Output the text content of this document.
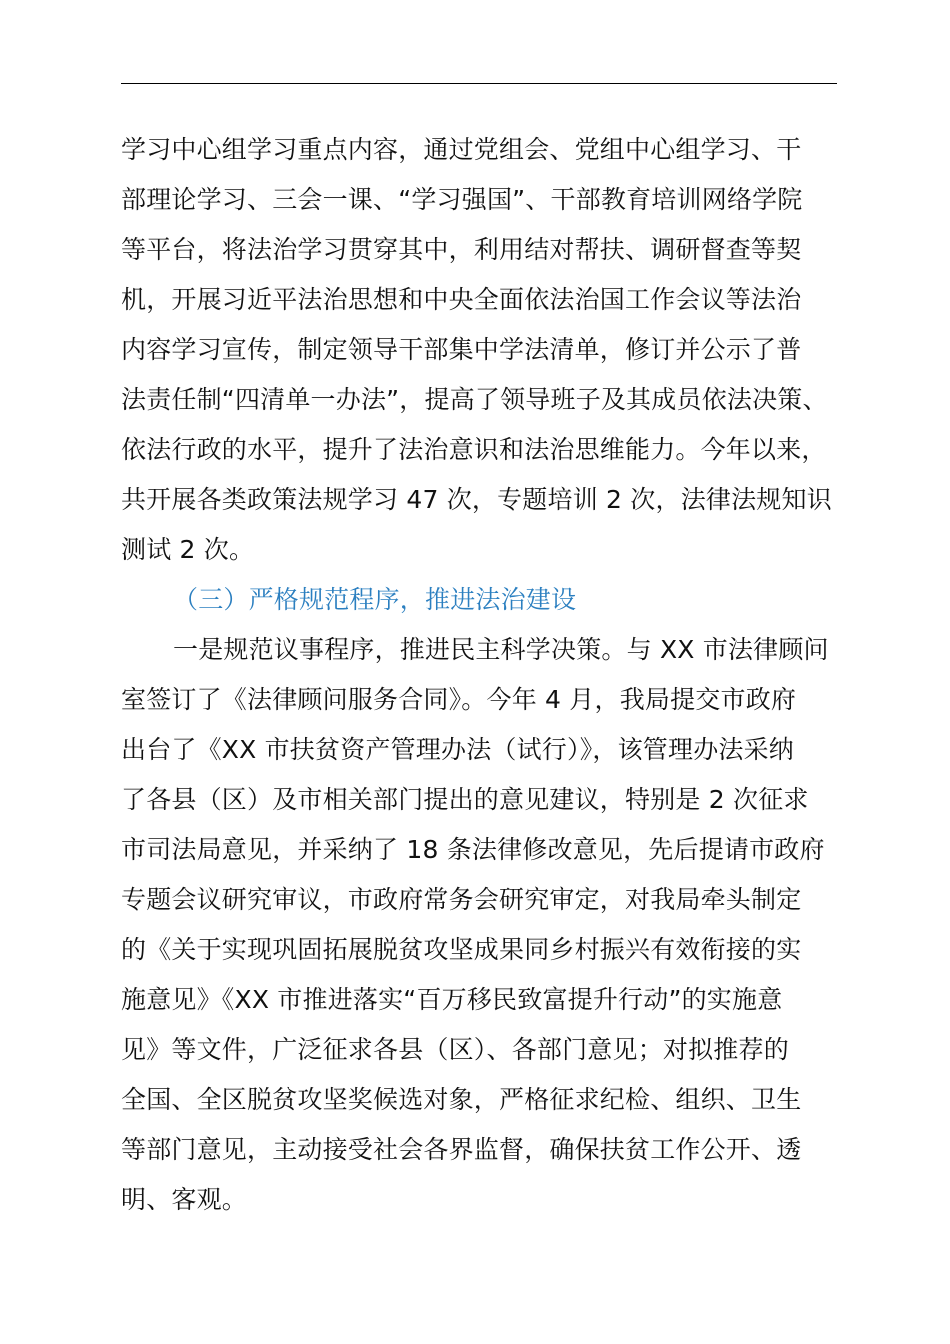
学习中心组学习重点内容，通过党组会、党组中心组学习、干
部理论学习、三会一课、“学习强国”、干部教育培训网络学院
等平台，将法治学习贯穿其中，利用结对帮扶、调研督查等契
机，开展习近平法治思想和中央全面依法治国工作会议等法治
内容学习宣传，制定领导干部集中学法清单，修订并公示了普
法责任制“四清单一办法”，提高了领导班子及其成员依法决策、
依法行政的水平，提升了法治意识和法治思维能力。今年以来，
共开展各类政策法规学习 47 次，专题培训 2 次，法律法规知识
测试 2 次。
（三）严格规范程序，推进法治建设
一是规范议事程序，推进民主科学决策。与 XX 市法律顾问
室签订了《法律顾问服务合同》。今年 4 月，我局提交市政府
出台了《XX 市扶贫资产管理办法（试行）》，该管理办法采纳
了各县（区）及市相关部门提出的意见建议，特别是 2 次征求
市司法局意见，并采纳了 18 条法律修改意见，先后提请市政府
专题会议研究审议，市政府常务会研究审定，对我局牵头制定
的《关于实现巩固拓展脱贫攻坚成果同乡村振兴有效衔接的实
施意见》《XX 市推进落实“百万移民致富提升行动”的实施意
见》等文件，广泛征求各县（区）、各部门意见；对拟推荐的
全国、全区脱贫攻坚奖候选对象，严格征求纪检、组织、卫生
等部门意见，主动接受社会各界监督，确保扶贫工作公开、透
明、客观。
